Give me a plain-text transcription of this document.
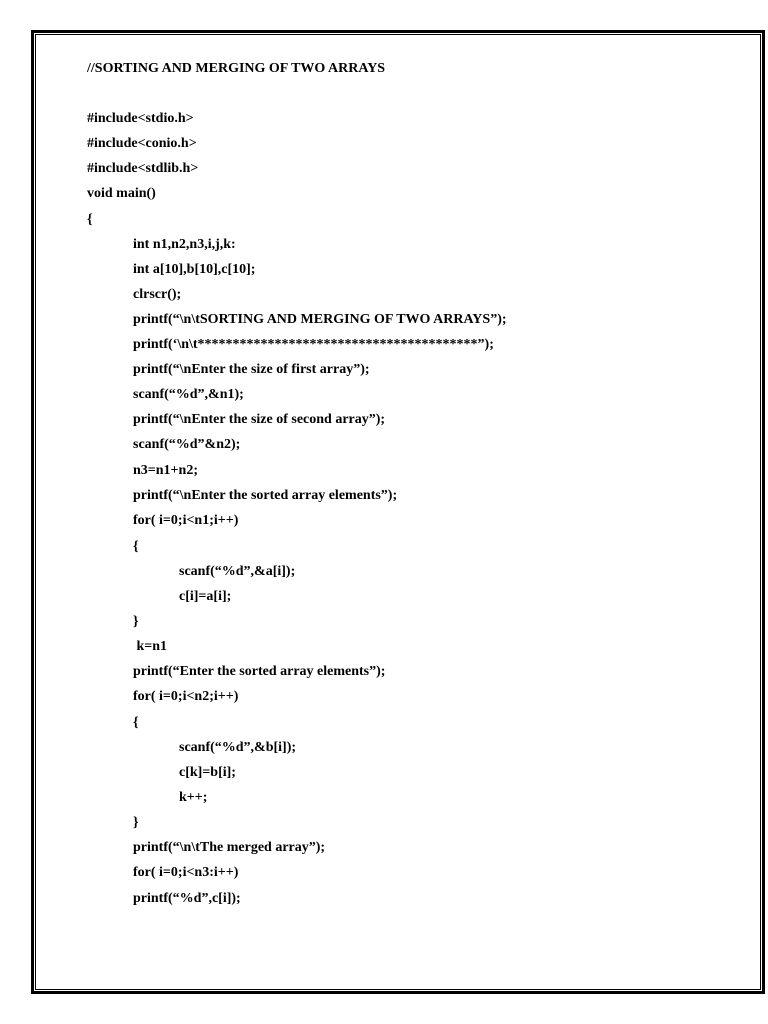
//SORTING AND MERGING OF TWO ARRAYS
#include<stdio.h>
#include<conio.h>
#include<stdlib.h>
void main()
{
int n1,n2,n3,i,j,k:
int a[10],b[10],c[10];
clrscr();
printf(“\n\tSORTING AND MERGING OF TWO ARRAYS”);
printf(‘\n\t****************************************”);
printf(“\nEnter the size of first array”);
scanf(“%d”,&n1);
printf(“\nEnter the size of second array”);
scanf(“%d”&n2);
n3=n1+n2;
printf(“\nEnter the sorted array elements”);
for( i=0;i<n1;i++)
{
scanf(“%d”,&a[i]);
c[i]=a[i];
}
k=n1
printf(“Enter the sorted array elements”);
for( i=0;i<n2;i++)
{
scanf(“%d”,&b[i]);
c[k]=b[i];
k++;
}
printf(“\n\tThe merged array”);
for( i=0;i<n3:i++)
printf(“%d”,c[i]);
